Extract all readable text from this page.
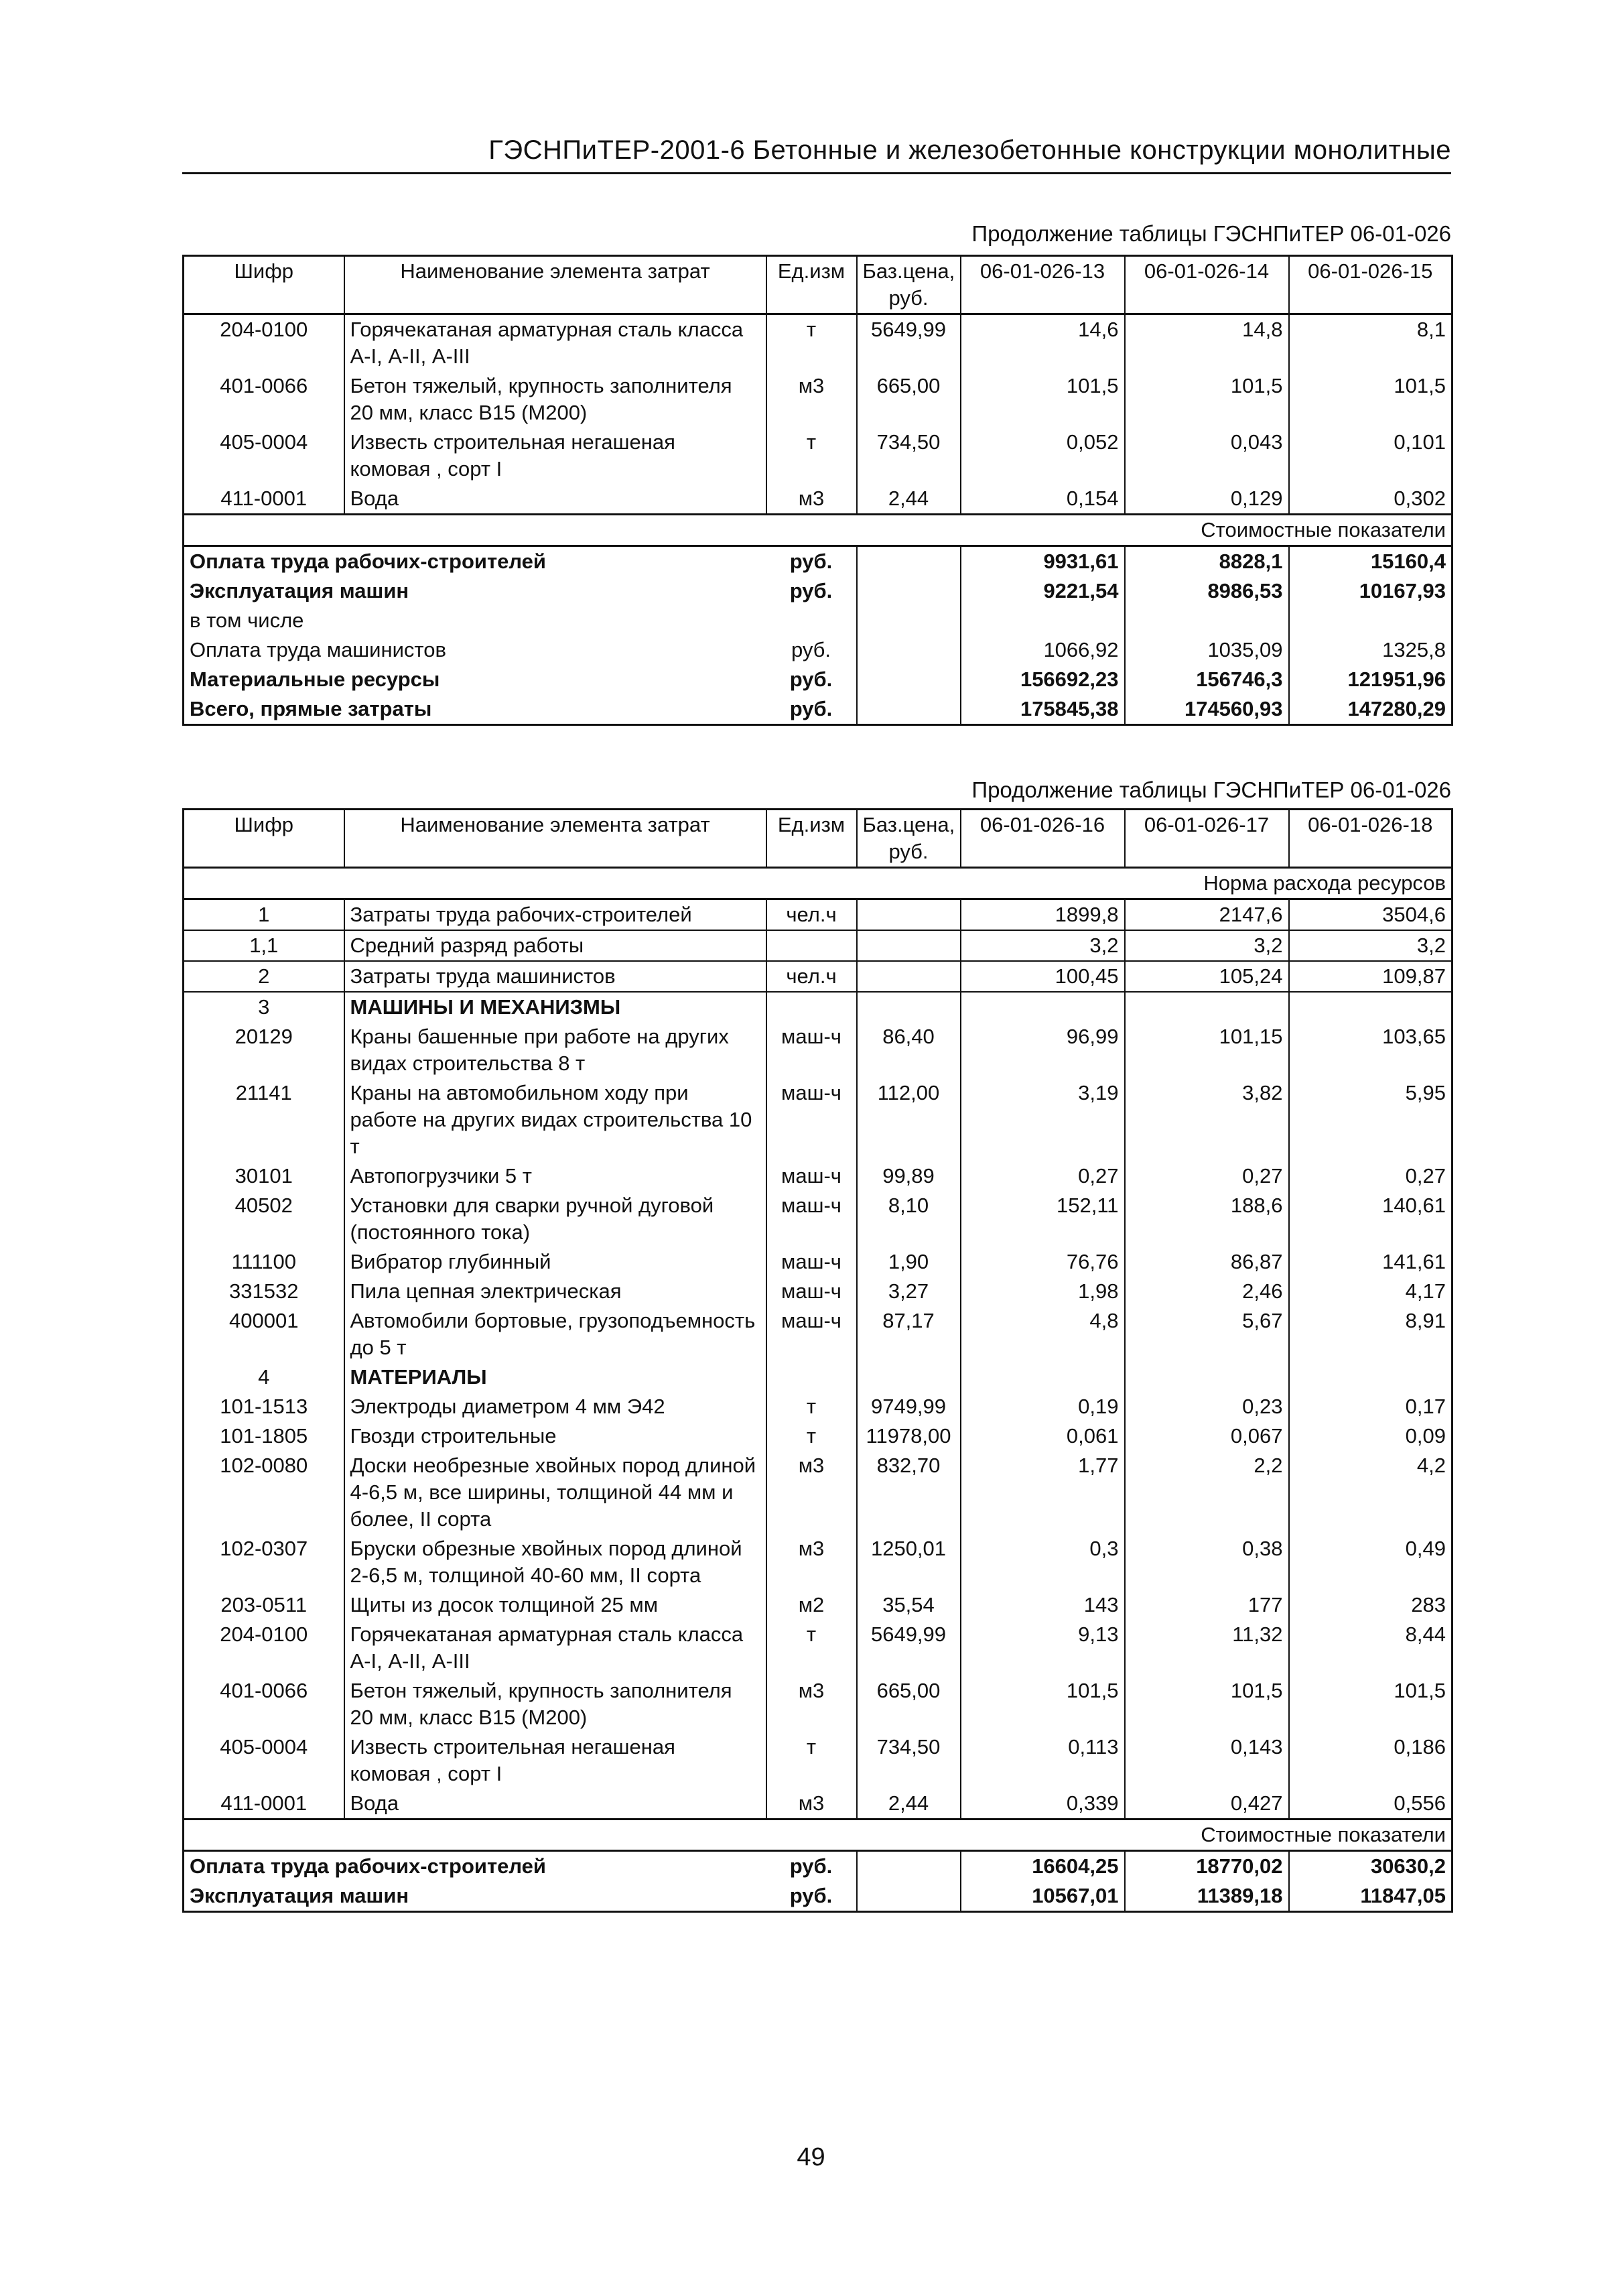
ГЭСНПиТЕР-2001-6 Бетонные и железобетонные конструкции монолитные
Продолжение таблицы ГЭСНПиТЕР 06-01-026
Шифр	Наименование элемента затрат	Ед.изм	Баз.цена, руб.	06-01-026-13	06-01-026-14	06-01-026-15
204-0100	Горячекатаная арматурная сталь класса А-I, А-II, А-III	т	5649,99	14,6	14,8	8,1
401-0066	Бетон тяжелый, крупность заполнителя 20 мм, класс В15 (М200)	м3	665,00	101,5	101,5	101,5
405-0004	Известь строительная негашеная комовая , сорт I	т	734,50	0,052	0,043	0,101
411-0001	Вода	м3	2,44	0,154	0,129	0,302
Стоимостные показатели						
Оплата труда рабочих-строителей		руб.		9931,61	8828,1	15160,4
Эксплуатация машин		руб.		9221,54	8986,53	10167,93
в том числе						
Оплата труда машинистов		руб.		1066,92	1035,09	1325,8
Материальные ресурсы		руб.		156692,23	156746,3	121951,96
Всего, прямые затраты		руб.		175845,38	174560,93	147280,29
Продолжение таблицы ГЭСНПиТЕР 06-01-026
Шифр	Наименование элемента затрат	Ед.изм	Баз.цена, руб.	06-01-026-16	06-01-026-17	06-01-026-18
Норма расхода ресурсов						
1	Затраты труда рабочих-строителей	чел.ч		1899,8	2147,6	3504,6
1,1	Средний разряд работы			3,2	3,2	3,2
2	Затраты труда машинистов	чел.ч		100,45	105,24	109,87
3	МАШИНЫ И МЕХАНИЗМЫ					
20129	Краны башенные при работе на других видах строительства 8 т	маш-ч	86,40	96,99	101,15	103,65
21141	Краны на автомобильном ходу при работе на других видах строительства 10 т	маш-ч	112,00	3,19	3,82	5,95
30101	Автопогрузчики 5 т	маш-ч	99,89	0,27	0,27	0,27
40502	Установки для сварки ручной дуговой (постоянного тока)	маш-ч	8,10	152,11	188,6	140,61
111100	Вибратор глубинный	маш-ч	1,90	76,76	86,87	141,61
331532	Пила цепная электрическая	маш-ч	3,27	1,98	2,46	4,17
400001	Автомобили бортовые, грузоподъемность до 5 т	маш-ч	87,17	4,8	5,67	8,91
4	МАТЕРИАЛЫ					
101-1513	Электроды диаметром 4 мм Э42	т	9749,99	0,19	0,23	0,17
101-1805	Гвозди строительные	т	11978,00	0,061	0,067	0,09
102-0080	Доски необрезные хвойных пород длиной 4-6,5 м, все ширины, толщиной 44 мм и более, II сорта	м3	832,70	1,77	2,2	4,2
102-0307	Бруски обрезные хвойных пород длиной 2-6,5 м, толщиной 40-60 мм, II сорта	м3	1250,01	0,3	0,38	0,49
203-0511	Щиты из досок толщиной 25 мм	м2	35,54	143	177	283
204-0100	Горячекатаная арматурная сталь класса А-I, А-II, А-III	т	5649,99	9,13	11,32	8,44
401-0066	Бетон тяжелый, крупность заполнителя 20 мм, класс В15 (М200)	м3	665,00	101,5	101,5	101,5
405-0004	Известь строительная негашеная комовая , сорт I	т	734,50	0,113	0,143	0,186
411-0001	Вода	м3	2,44	0,339	0,427	0,556
Стоимостные показатели						
Оплата труда рабочих-строителей		руб.		16604,25	18770,02	30630,2
Эксплуатация машин		руб.		10567,01	11389,18	11847,05
49
